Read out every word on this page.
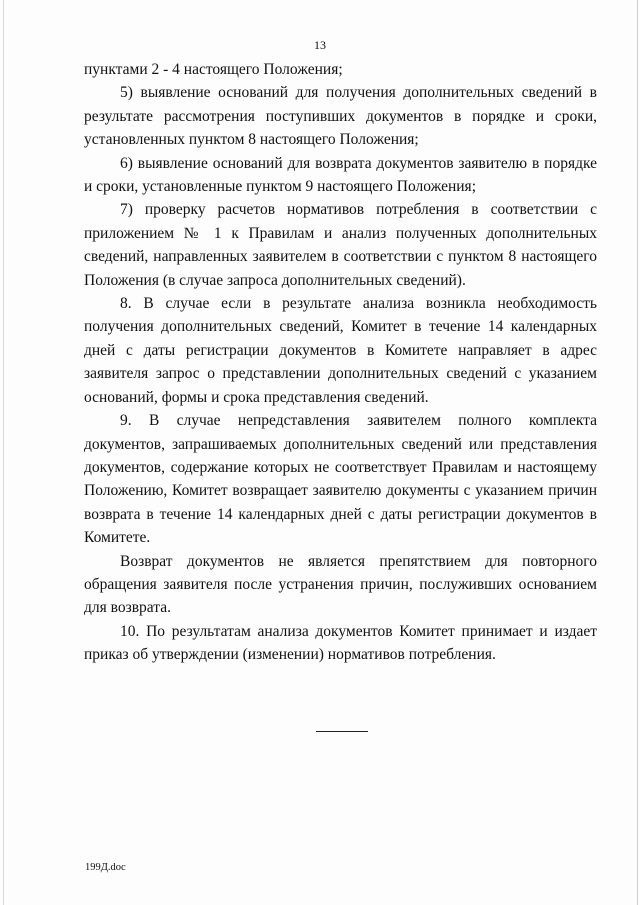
13

пунктами 2 - 4 настоящего Положения;

5) выявление оснований для получения дополнительных сведений в результате рассмотрения поступивших документов в порядке и сроки, установленных пунктом 8 настоящего Положения;

6) выявление оснований для возврата документов заявителю в порядке и сроки, установленные пунктом 9 настоящего Положения;

7) проверку расчетов нормативов потребления в соответствии с приложением № 1 к Правилам и анализ полученных дополнительных сведений, направленных заявителем в соответствии с пунктом 8 настоящего Положения (в случае запроса дополнительных сведений).

8. В случае если в результате анализа возникла необходимость получения дополнительных сведений, Комитет в течение 14 календарных дней с даты регистрации документов в Комитете направляет в адрес заявителя запрос о представлении дополнительных сведений с указанием оснований, формы и срока представления сведений.

9. В случае непредставления заявителем полного комплекта документов, запрашиваемых дополнительных сведений или представления документов, содержание которых не соответствует Правилам и настоящему Положению, Комитет возвращает заявителю документы с указанием причин возврата в течение 14 календарных дней с даты регистрации документов в Комитете.

Возврат документов не является препятствием для повторного обращения заявителя после устранения причин, послуживших основанием для возврата.

10. По результатам анализа документов Комитет принимает и издает приказ об утверждении (изменении) нормативов потребления.

199Д.doc
